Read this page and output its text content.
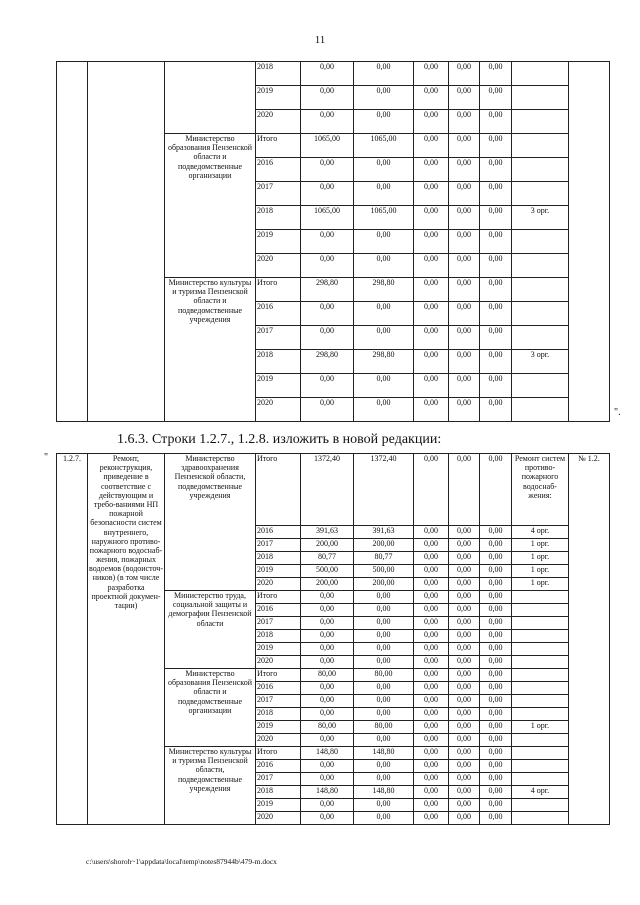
11
			2018	0,00	0,00	0,00	0,00	0,00		
			2019	0,00	0,00	0,00	0,00	0,00		
			2020	0,00	0,00	0,00	0,00	0,00		
		Министерство образования Пензенской области и подведомственные организации	Итого	1065,00	1065,00	0,00	0,00	0,00		
			2016	0,00	0,00	0,00	0,00	0,00		
			2017	0,00	0,00	0,00	0,00	0,00		
			2018	1065,00	1065,00	0,00	0,00	0,00	3 орг.	
			2019	0,00	0,00	0,00	0,00	0,00		
			2020	0,00	0,00	0,00	0,00	0,00		
		Министерство культуры и туризма Пензенской области и подведомственные учреждения	Итого	298,80	298,80	0,00	0,00	0,00		
			2016	0,00	0,00	0,00	0,00	0,00		
			2017	0,00	0,00	0,00	0,00	0,00		
			2018	298,80	298,80	0,00	0,00	0,00	3 орг.	
			2019	0,00	0,00	0,00	0,00	0,00		
			2020	0,00	0,00	0,00	0,00	0,00		
".
1.6.3. Строки 1.2.7., 1.2.8. изложить в новой редакции:
" 1.2.7.	Ремонт, реконструкция, приведение в соответствие с действующим и требо-ваниями НП пожарной безопасности систем внутреннего, наружного противо-пожарного водоснаб-жения, пожарных водоемов (водоисточ-ников) (в том числе разработка проектной докумен-тации)	Министерство здравоохранения Пензенской области, подведомственные учреждения	Итого	1372,40	1372,40	0,00	0,00	0,00	Ремонт систем противо-пожарного водоснаб-жения:	№ 1.2.
			2016	391,63	391,63	0,00	0,00	0,00	4 орг.	
			2017	200,00	200,00	0,00	0,00	0,00	1 орг.	
			2018	80,77	80,77	0,00	0,00	0,00	1 орг.	
			2019	500,00	500,00	0,00	0,00	0,00	1 орг.	
			2020	200,00	200,00	0,00	0,00	0,00	1 орг.	
		Министерство труда, социальной защиты и демографии Пензенской области	Итого	0,00	0,00	0,00	0,00	0,00		
			2016	0,00	0,00	0,00	0,00	0,00		
			2017	0,00	0,00	0,00	0,00	0,00		
			2018	0,00	0,00	0,00	0,00	0,00		
			2019	0,00	0,00	0,00	0,00	0,00		
			2020	0,00	0,00	0,00	0,00	0,00		
		Министерство образования Пензенской области и подведомственные организации	Итого	80,00	80,00	0,00	0,00	0,00		
			2016	0,00	0,00	0,00	0,00	0,00		
			2017	0,00	0,00	0,00	0,00	0,00		
			2018	0,00	0,00	0,00	0,00	0,00		
			2019	80,00	80,00	0,00	0,00	0,00	1 орг.	
			2020	0,00	0,00	0,00	0,00	0,00		
		Министерство культуры и туризма Пензенской области, подведомственные учреждения	Итого	148,80	148,80	0,00	0,00	0,00		
			2016	0,00	0,00	0,00	0,00	0,00		
			2017	0,00	0,00	0,00	0,00	0,00		
			2018	148,80	148,80	0,00	0,00	0,00	4 орг.	
			2019	0,00	0,00	0,00	0,00	0,00		
			2020	0,00	0,00	0,00	0,00	0,00		
c:\users\shoroh~1\appdata\local\temp\notes87944b\479-m.docx
